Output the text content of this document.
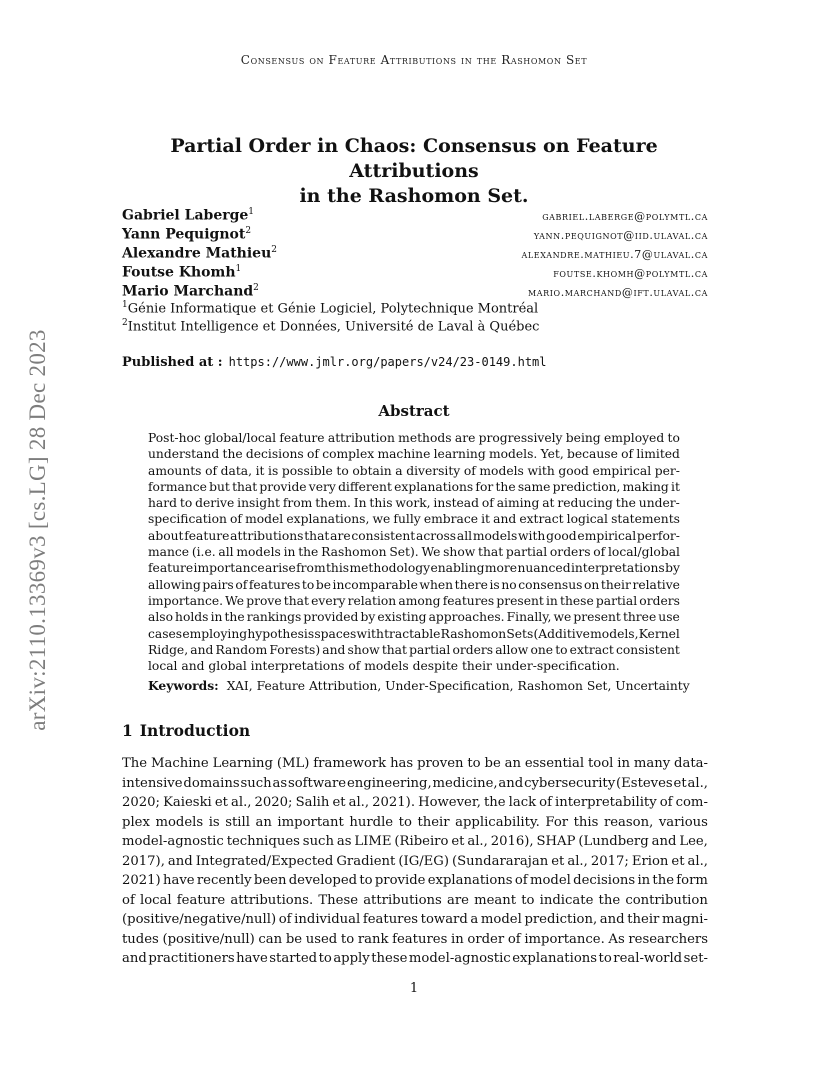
Consensus on Feature Attributions in the Rashomon Set
Partial Order in Chaos: Consensus on Feature Attributions
in the Rashomon Set.
Gabriel Laberge$^1$	gabriel.laberge@polymtl.ca
Yann Pequignot$^2$	yann.pequignot@iid.ulaval.ca
Alexandre Mathieu$^2$	alexandre.mathieu.7@ulaval.ca
Foutse Khomh$^1$	foutse.khomh@polymtl.ca
Mario Marchand$^2$	mario.marchand@ift.ulaval.ca
$^1$Génie Informatique et Génie Logiciel, Polytechnique Montréal
$^2$Institut Intelligence et Données, Université de Laval à Québec
Published at : https://www.jmlr.org/papers/v24/23-0149.html
Abstract
Post-hoc global/local feature attribution methods are progressively being employed to
understand the decisions of complex machine learning models. Yet, because of limited
amounts of data, it is possible to obtain a diversity of models with good empirical per-
formance but that provide very different explanations for the same prediction, making it
hard to derive insight from them. In this work, instead of aiming at reducing the under-
specification of model explanations, we fully embrace it and extract logical statements
about feature attributions that are consistent across all models with good empirical perfor-
mance (i.e. all models in the Rashomon Set). We show that partial orders of local/global
feature importance arise from this methodology enabling more nuanced interpretations by
allowing pairs of features to be incomparable when there is no consensus on their relative
importance. We prove that every relation among features present in these partial orders
also holds in the rankings provided by existing approaches. Finally, we present three use
cases employing hypothesis spaces with tractable Rashomon Sets (Additive models, Kernel
Ridge, and Random Forests) and show that partial orders allow one to extract consistent
local and global interpretations of models despite their under-specification.
Keywords: XAI, Feature Attribution, Under-Specification, Rashomon Set, Uncertainty
1 Introduction
The Machine Learning (ML) framework has proven to be an essential tool in many data-
intensive domains such as software engineering, medicine, and cybersecurity (Esteves et al.,
2020; Kaieski et al., 2020; Salih et al., 2021). However, the lack of interpretability of com-
plex models is still an important hurdle to their applicability. For this reason, various
model-agnostic techniques such as LIME (Ribeiro et al., 2016), SHAP (Lundberg and Lee,
2017), and Integrated/Expected Gradient (IG/EG) (Sundararajan et al., 2017; Erion et al.,
2021) have recently been developed to provide explanations of model decisions in the form
of local feature attributions. These attributions are meant to indicate the contribution
(positive/negative/null) of individual features toward a model prediction, and their magni-
tudes (positive/null) can be used to rank features in order of importance. As researchers
and practitioners have started to apply these model-agnostic explanations to real-world set-
1
arXiv:2110.13369v3 [cs.LG] 28 Dec 2023
